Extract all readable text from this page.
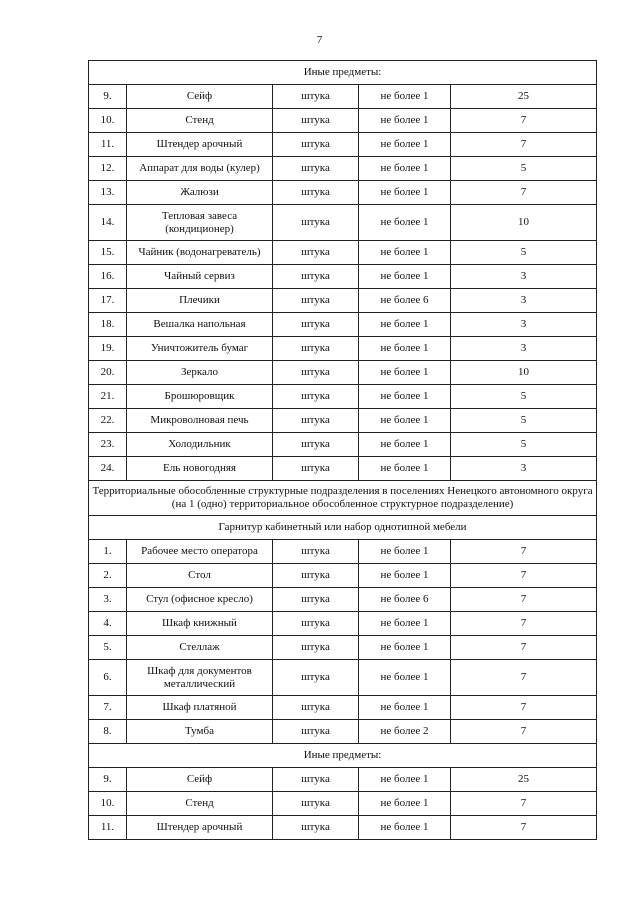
7
Иные предметы:				
9.	Сейф	штука	не более 1	25
10.	Стенд	штука	не более 1	7
11.	Штендер арочный	штука	не более 1	7
12.	Аппарат для воды (кулер)	штука	не более 1	5
13.	Жалюзи	штука	не более 1	7
14.	Тепловая завеса (кондиционер)	штука	не более 1	10
15.	Чайник (водонагреватель)	штука	не более 1	5
16.	Чайный сервиз	штука	не более 1	3
17.	Плечики	штука	не более 6	3
18.	Вешалка напольная	штука	не более 1	3
19.	Уничтожитель бумаг	штука	не более 1	3
20.	Зеркало	штука	не более 1	10
21.	Брошюровщик	штука	не более 1	5
22.	Микроволновая печь	штука	не более 1	5
23.	Холодильник	штука	не более 1	5
24.	Ель новогодняя	штука	не более 1	3
Территориальные обособленные структурные подразделения в поселениях Ненецкого автономного округа (на 1 (одно) территориальное обособленное структурное подразделение)				
Гарнитур кабинетный или набор однотипной мебели				
1.	Рабочее место оператора	штука	не более 1	7
2.	Стол	штука	не более 1	7
3.	Стул (офисное кресло)	штука	не более 6	7
4.	Шкаф книжный	штука	не более 1	7
5.	Стеллаж	штука	не более 1	7
6.	Шкаф для документов металлический	штука	не более 1	7
7.	Шкаф платяной	штука	не более 1	7
8.	Тумба	штука	не более 2	7
Иные предметы:				
9.	Сейф	штука	не более 1	25
10.	Стенд	штука	не более 1	7
11.	Штендер арочный	штука	не более 1	7
